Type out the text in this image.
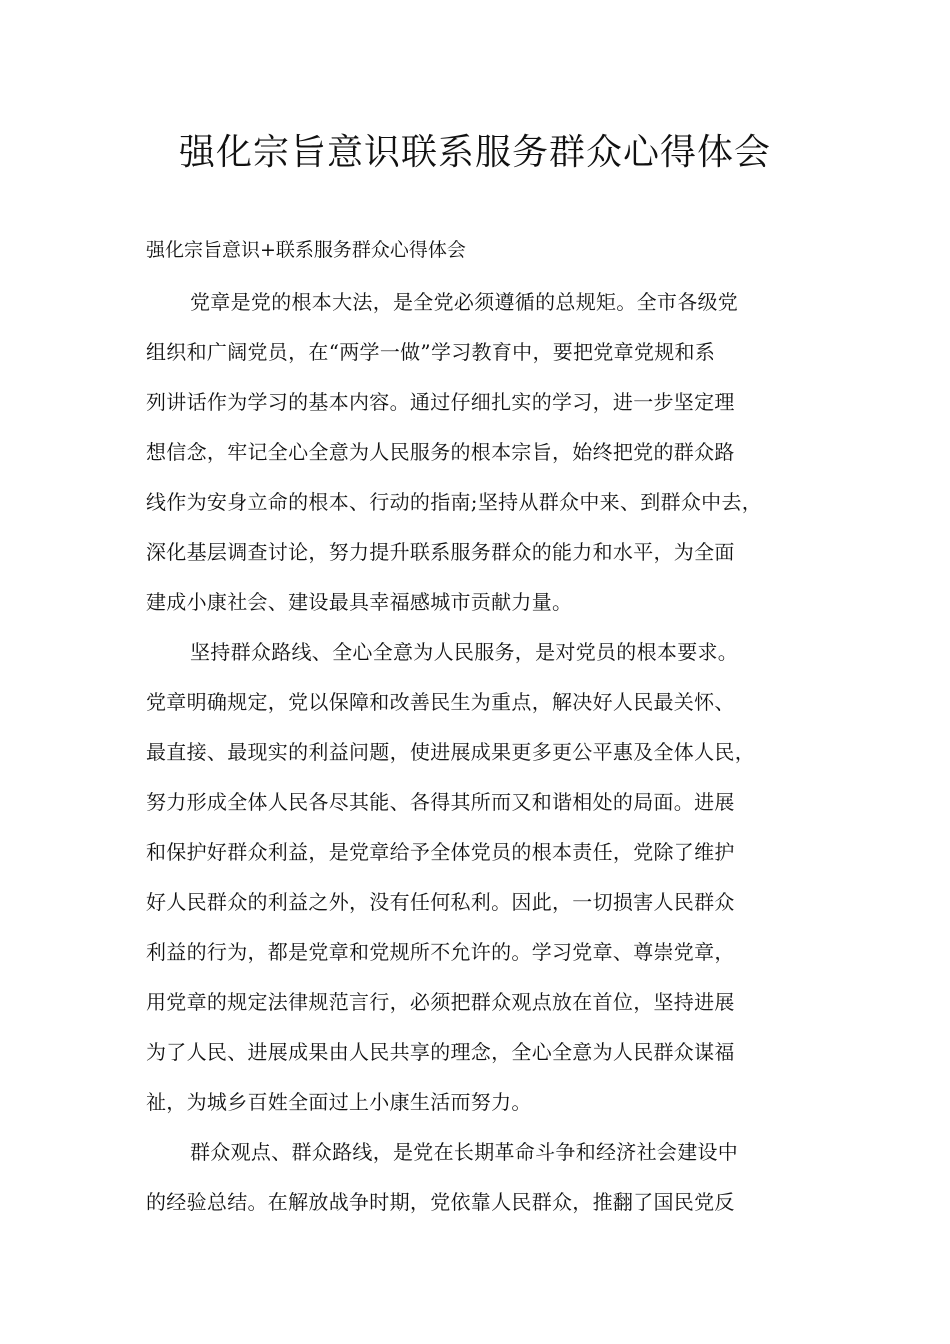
强化宗旨意识联系服务群众心得体会

强化宗旨意识+联系服务群众心得体会

党章是党的根本大法，是全党必须遵循的总规矩。全市各级党
组织和广阔党员，在“两学一做”学习教育中，要把党章党规和系
列讲话作为学习的基本内容。通过仔细扎实的学习，进一步坚定理
想信念，牢记全心全意为人民服务的根本宗旨，始终把党的群众路
线作为安身立命的根本、行动的指南;坚持从群众中来、到群众中去，
深化基层调查讨论，努力提升联系服务群众的能力和水平，为全面
建成小康社会、建设最具幸福感城市贡献力量。
坚持群众路线、全心全意为人民服务，是对党员的根本要求。
党章明确规定，党以保障和改善民生为重点，解决好人民最关怀、
最直接、最现实的利益问题，使进展成果更多更公平惠及全体人民，
努力形成全体人民各尽其能、各得其所而又和谐相处的局面。进展
和保护好群众利益，是党章给予全体党员的根本责任，党除了维护
好人民群众的利益之外，没有任何私利。因此，一切损害人民群众
利益的行为，都是党章和党规所不允许的。学习党章、尊崇党章，
用党章的规定法律规范言行，必须把群众观点放在首位，坚持进展
为了人民、进展成果由人民共享的理念，全心全意为人民群众谋福
祉，为城乡百姓全面过上小康生活而努力。
群众观点、群众路线，是党在长期革命斗争和经济社会建设中
的经验总结。在解放战争时期，党依靠人民群众，推翻了国民党反
